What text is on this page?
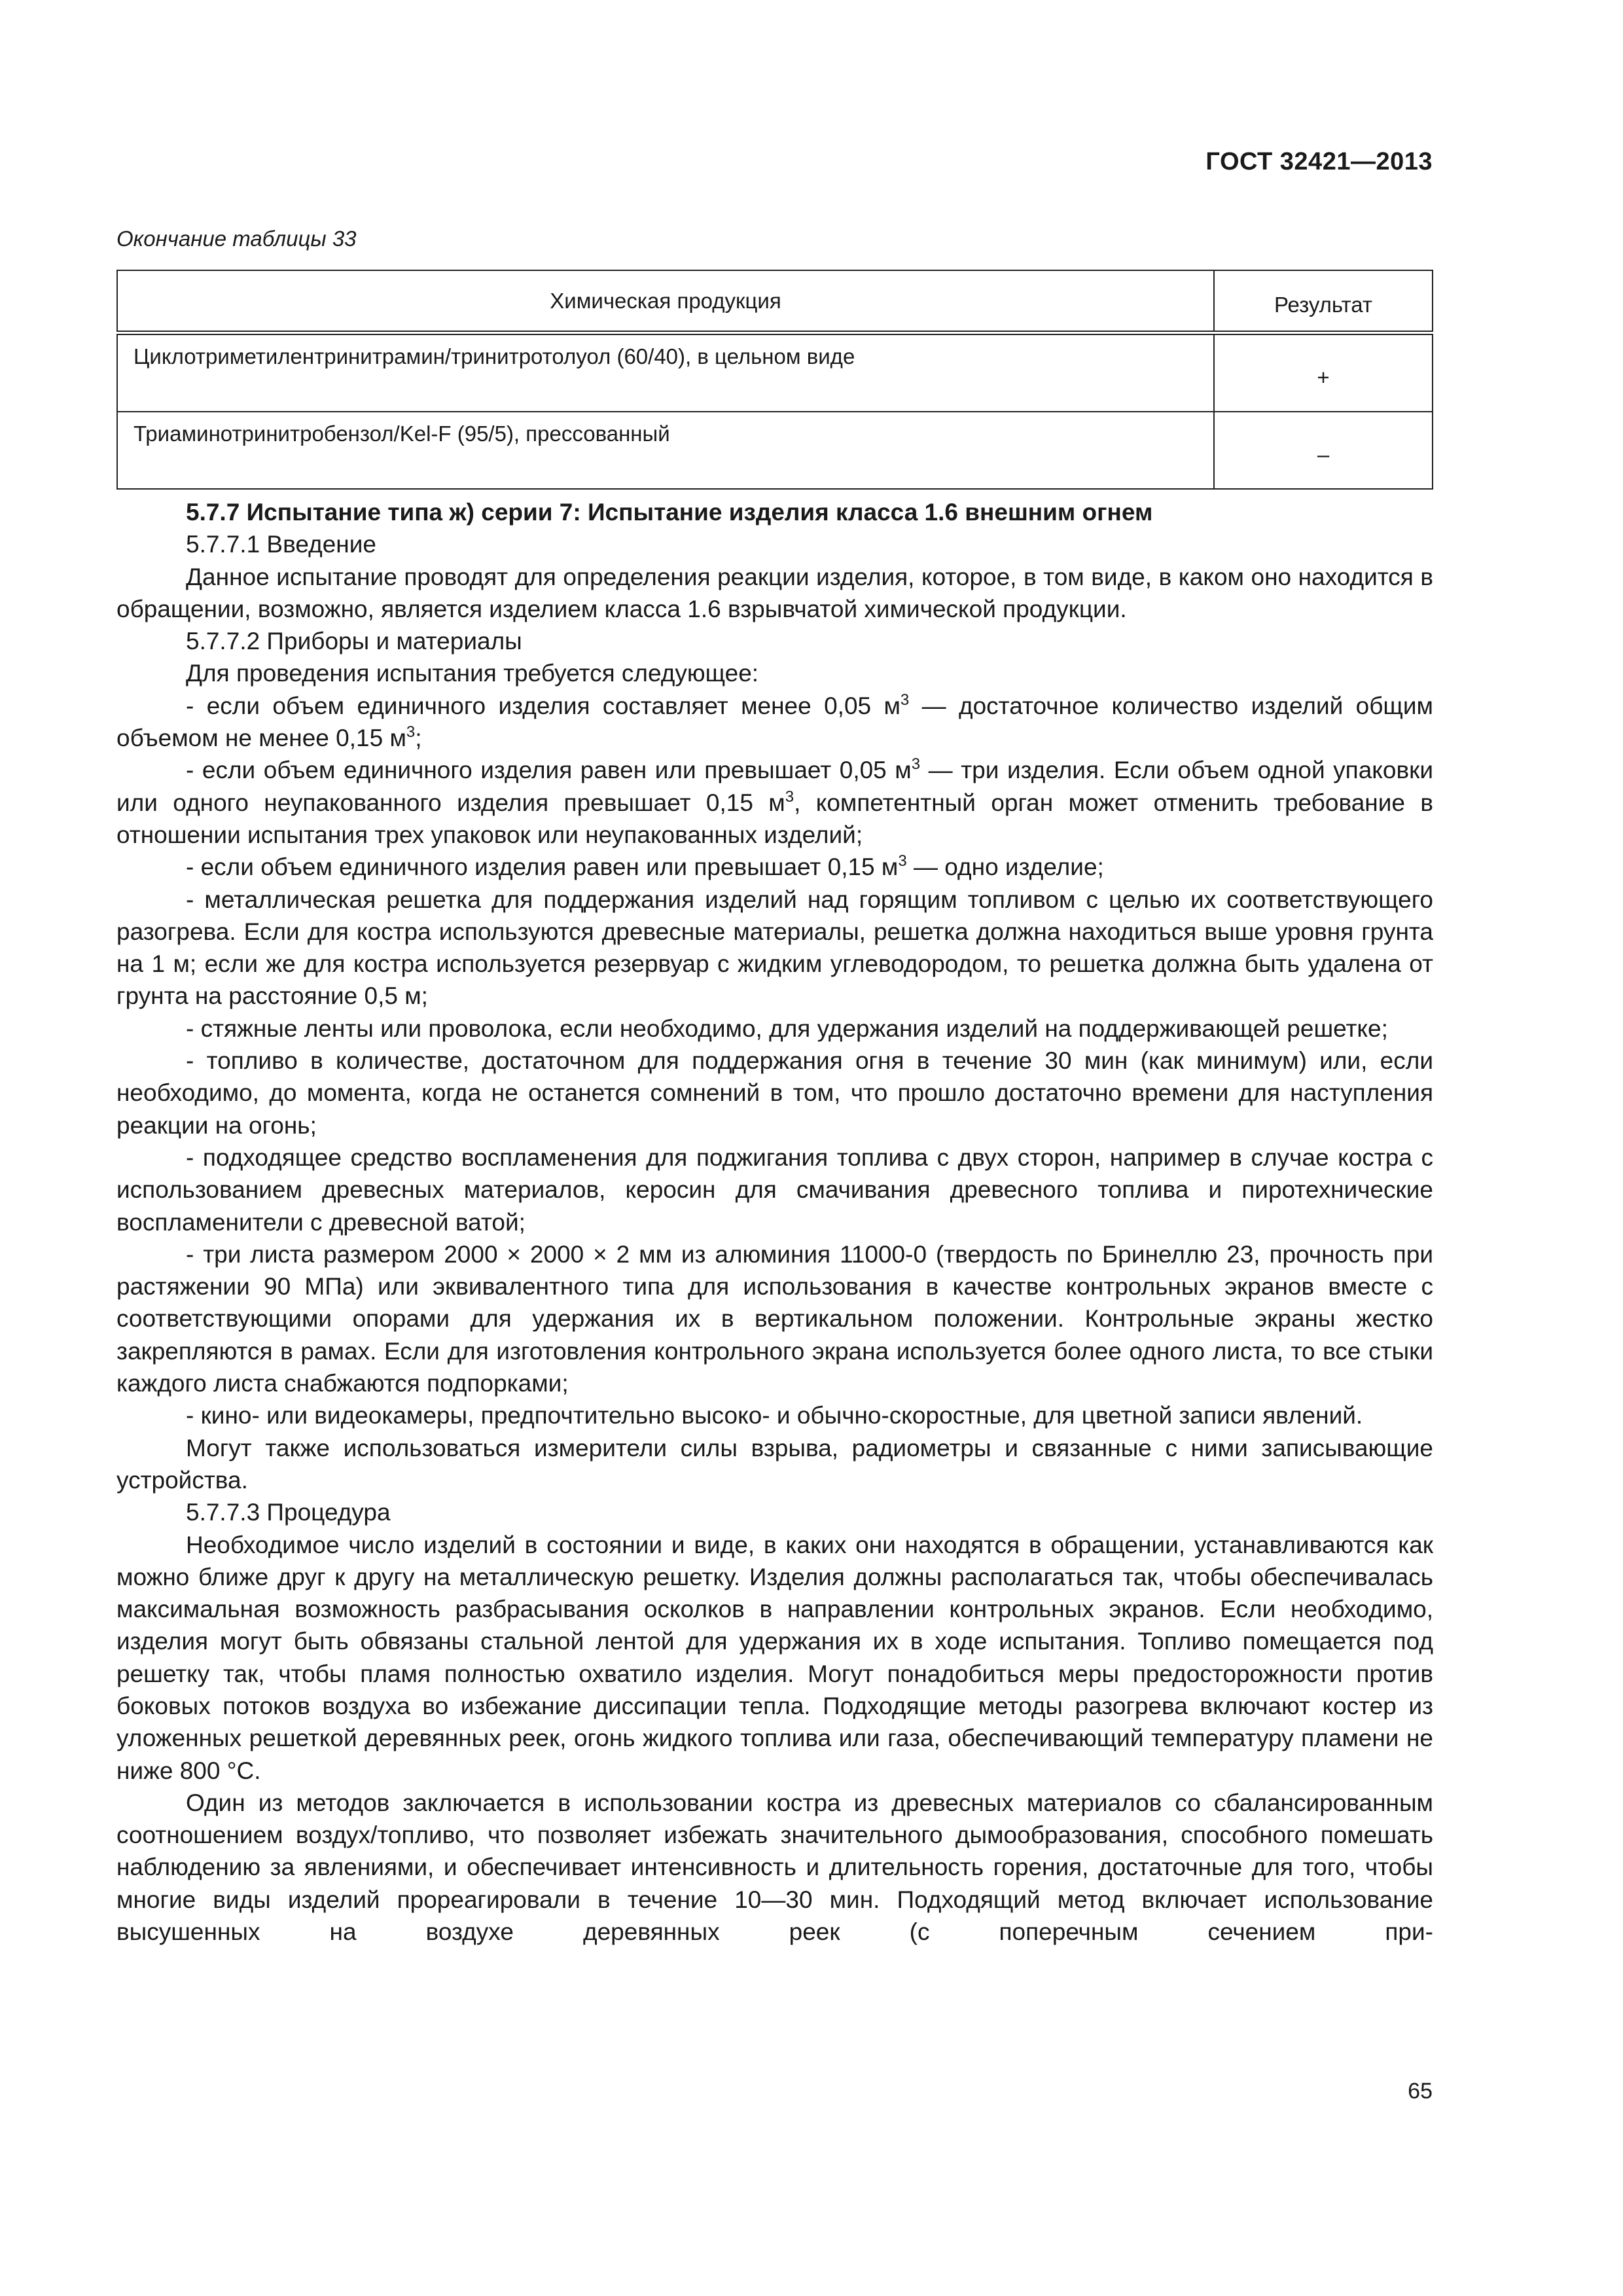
ГОСТ 32421—2013
Окончание таблицы 33
Химическая продукция	Результат
Циклотриметилентринитрамин/тринитротолуол (60/40), в цельном виде	+
Триаминотринитробензол/Kel-F (95/5), прессованный	–
5.7.7 Испытание типа ж) серии 7: Испытание изделия класса 1.6 внешним огнем
5.7.7.1 Введение

Данное испытание проводят для определения реакции изделия, которое, в том виде, в каком оно находится в обращении, возможно, является изделием класса 1.6 взрывчатой химической продукции.

5.7.7.2 Приборы и материалы
Для проведения испытания требуется следующее:

- если объем единичного изделия составляет менее 0,05 $м^3$ — достаточное количество изделий общим объемом не менее 0,15 $м^3$;

- если объем единичного изделия равен или превышает 0,05 $м^3$ — три изделия. Если объем одной упаковки или одного неупакованного изделия превышает 0,15 $м^3$, компетентный орган может отменить требование в отношении испытания трех упаковок или неупакованных изделий;

- если объем единичного изделия равен или превышает 0,15 $м^3$ — одно изделие;

- металлическая решетка для поддержания изделий над горящим топливом с целью их соответствующего разогрева. Если для костра используются древесные материалы, решетка должна находиться выше уровня грунта на 1 м; если же для костра используется резервуар с жидким углеводородом, то решетка должна быть удалена от грунта на расстояние 0,5 м;

- стяжные ленты или проволока, если необходимо, для удержания изделий на поддерживающей решетке;

- топливо в количестве, достаточном для поддержания огня в течение 30 мин (как минимум) или, если необходимо, до момента, когда не останется сомнений в том, что прошло достаточно времени для наступления реакции на огонь;

- подходящее средство воспламенения для поджигания топлива с двух сторон, например в случае костра с использованием древесных материалов, керосин для смачивания древесного топлива и пиротехнические воспламенители с древесной ватой;

- три листа размером 2000 × 2000 × 2 мм из алюминия 11000-0 (твердость по Бринеллю 23, прочность при растяжении 90 МПа) или эквивалентного типа для использования в качестве контрольных экранов вместе с соответствующими опорами для удержания их в вертикальном положении. Контрольные экраны жестко закрепляются в рамах. Если для изготовления контрольного экрана используется более одного листа, то все стыки каждого листа снабжаются подпорками;

- кино- или видеокамеры, предпочтительно высоко- и обычно-скоростные, для цветной записи явлений.

Могут также использоваться измерители силы взрыва, радиометры и связанные с ними записывающие устройства.

5.7.7.3 Процедура

Необходимое число изделий в состоянии и виде, в каких они находятся в обращении, устанавливаются как можно ближе друг к другу на металлическую решетку. Изделия должны располагаться так, чтобы обеспечивалась максимальная возможность разбрасывания осколков в направлении контрольных экранов. Если необходимо, изделия могут быть обвязаны стальной лентой для удержания их в ходе испытания. Топливо помещается под решетку так, чтобы пламя полностью охватило изделия. Могут понадобиться меры предосторожности против боковых потоков воздуха во избежание диссипации тепла. Подходящие методы разогрева включают костер из уложенных решеткой деревянных реек, огонь жидкого топлива или газа, обеспечивающий температуру пламени не ниже 800 °С.

Один из методов заключается в использовании костра из древесных материалов со сбалансированным соотношением воздух/топливо, что позволяет избежать значительного дымообразования, способного помешать наблюдению за явлениями, и обеспечивает интенсивность и длительность горения, достаточные для того, чтобы многие виды изделий прореагировали в течение 10—30 мин. Подходящий метод включает использование высушенных на воздухе деревянных реек (с поперечным сечением при-

65
